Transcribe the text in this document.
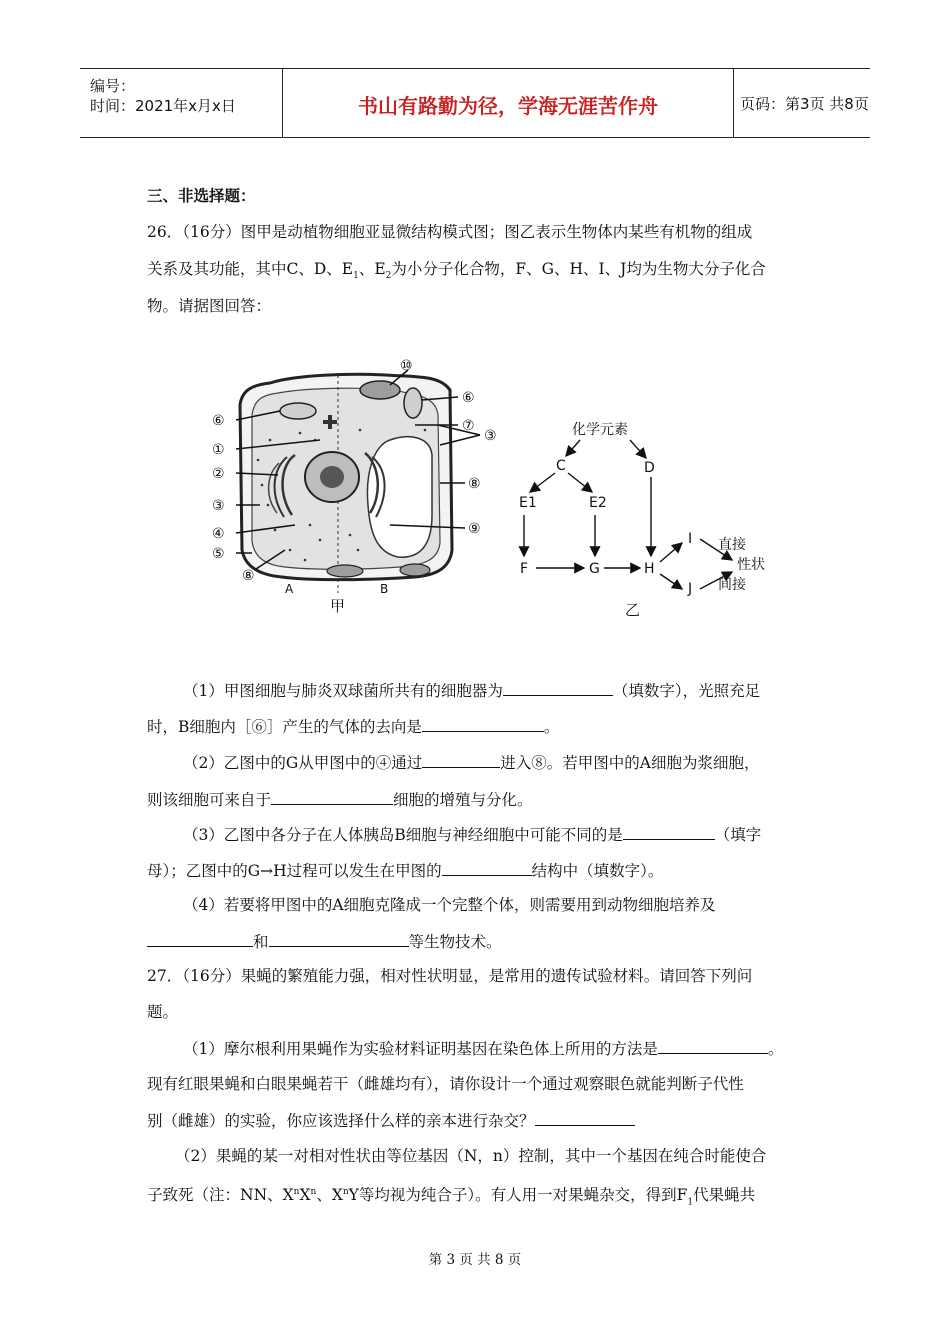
编号：
时间：2021年x月x日	书山有路勤为径，学海无涯苦作舟	页码：第3页 共8页
三、非选择题：
26．（16分）图甲是动植物细胞亚显微结构模式图；图乙表示生物体内某些有机物的组成
关系及其功能，其中C、D、$E_1$、$E_2$为小分子化合物，F、G、H、I、J均为生物大分子化合
物。请据图回答：
⑥
①
②
③
④
⑤
⑧
⑩
⑥
⑦
③
⑧
⑨
A	B
甲
化学元素
C	D
E1	E2
F	G	H
I
J
直接
性状
间接
乙
（1）甲图细胞与肺炎双球菌所共有的细胞器为	（填数字），光照充足
时，B细胞内［⑥］产生的气体的去向是	。
（2）乙图中的G从甲图中的④通过	进入⑧。若甲图中的A细胞为浆细胞，
则该细胞可来自于	细胞的增殖与分化。
（3）乙图中各分子在人体胰岛B细胞与神经细胞中可能不同的是	（填字
母）；乙图中的G→H过程可以发生在甲图的	结构中（填数字）。
（4）若要将甲图中的A细胞克隆成一个完整个体，则需要用到动物细胞培养及
和	等生物技术。
27．（16分）果蝇的繁殖能力强，相对性状明显，是常用的遗传试验材料。请回答下列问
题。
（1）摩尔根利用果蝇作为实验材料证明基因在染色体上所用的方法是	。
现有红眼果蝇和白眼果蝇若干（雌雄均有），请你设计一个通过观察眼色就能判断子代性
别（雌雄）的实验，你应该选择什么样的亲本进行杂交？
（2）果蝇的某一对相对性状由等位基因（N，n）控制，其中一个基因在纯合时能使合
子致死（注：NN、$X^nX^n$、$X^nY$等均视为纯合子）。有人用一对果蝇杂交，得到$F_1$代果蝇共
第 3 页 共 8 页
